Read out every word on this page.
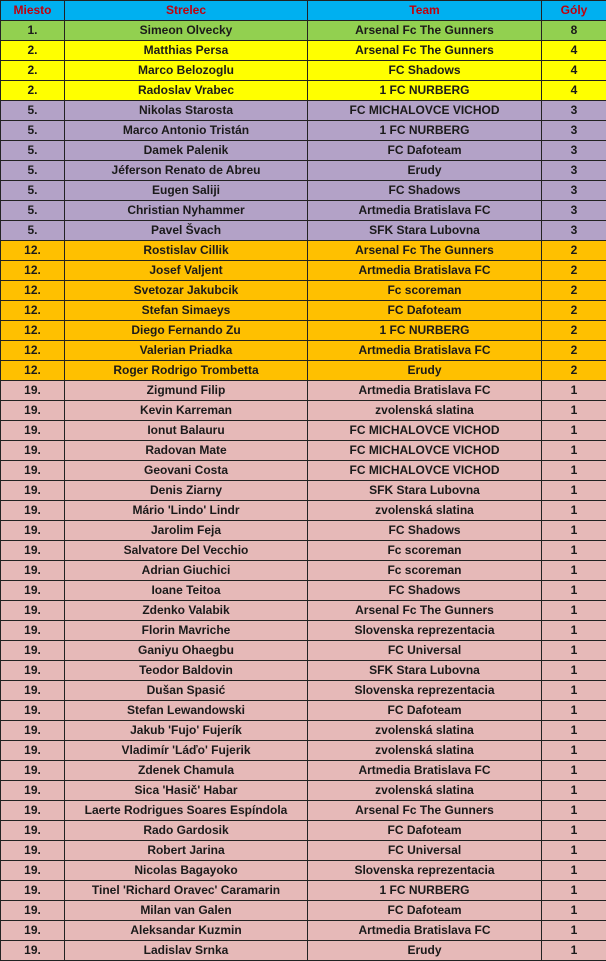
Miesto	Strelec	Team	Góly
1.	Simeon Olvecky	Arsenal Fc The Gunners	8
2.	Matthias Persa	Arsenal Fc The Gunners	4
2.	Marco Belozoglu	FC Shadows	4
2.	Radoslav Vrabec	1 FC NURBERG	4
5.	Nikolas Starosta	FC MICHALOVCE VICHOD	3
5.	Marco Antonio Tristán	1 FC NURBERG	3
5.	Damek Palenik	FC Dafoteam	3
5.	Jéferson Renato de Abreu	Erudy	3
5.	Eugen Saliji	FC Shadows	3
5.	Christian Nyhammer	Artmedia Bratislava FC	3
5.	Pavel Švach	SFK Stara Lubovna	3
12.	Rostislav Cillik	Arsenal Fc The Gunners	2
12.	Josef Valjent	Artmedia Bratislava FC	2
12.	Svetozar Jakubcik	Fc scoreman	2
12.	Stefan Simaeys	FC Dafoteam	2
12.	Diego Fernando Zu	1 FC NURBERG	2
12.	Valerian Priadka	Artmedia Bratislava FC	2
12.	Roger Rodrigo Trombetta	Erudy	2
19.	Zigmund Filip	Artmedia Bratislava FC	1
19.	Kevin Karreman	zvolenská slatina	1
19.	Ionut Balauru	FC MICHALOVCE VICHOD	1
19.	Radovan Mate	FC MICHALOVCE VICHOD	1
19.	Geovani Costa	FC MICHALOVCE VICHOD	1
19.	Denis Ziarny	SFK Stara Lubovna	1
19.	Mário 'Lindo' Lindr	zvolenská slatina	1
19.	Jarolim Feja	FC Shadows	1
19.	Salvatore Del Vecchio	Fc scoreman	1
19.	Adrian Giuchici	Fc scoreman	1
19.	Ioane Teitoa	FC Shadows	1
19.	Zdenko Valabik	Arsenal Fc The Gunners	1
19.	Florin Mavriche	Slovenska reprezentacia	1
19.	Ganiyu Ohaegbu	FC Universal	1
19.	Teodor Baldovin	SFK Stara Lubovna	1
19.	Dušan Spasić	Slovenska reprezentacia	1
19.	Stefan Lewandowski	FC Dafoteam	1
19.	Jakub 'Fujo' Fujerík	zvolenská slatina	1
19.	Vladimír 'Láďo' Fujerik	zvolenská slatina	1
19.	Zdenek Chamula	Artmedia Bratislava FC	1
19.	Sica 'Hasič' Habar	zvolenská slatina	1
19.	Laerte Rodrigues Soares Espíndola	Arsenal Fc The Gunners	1
19.	Rado Gardosik	FC Dafoteam	1
19.	Robert Jarina	FC Universal	1
19.	Nicolas Bagayoko	Slovenska reprezentacia	1
19.	Tinel 'Richard Oravec' Caramarin	1 FC NURBERG	1
19.	Milan van Galen	FC Dafoteam	1
19.	Aleksandar Kuzmin	Artmedia Bratislava FC	1
19.	Ladislav Srnka	Erudy	1
